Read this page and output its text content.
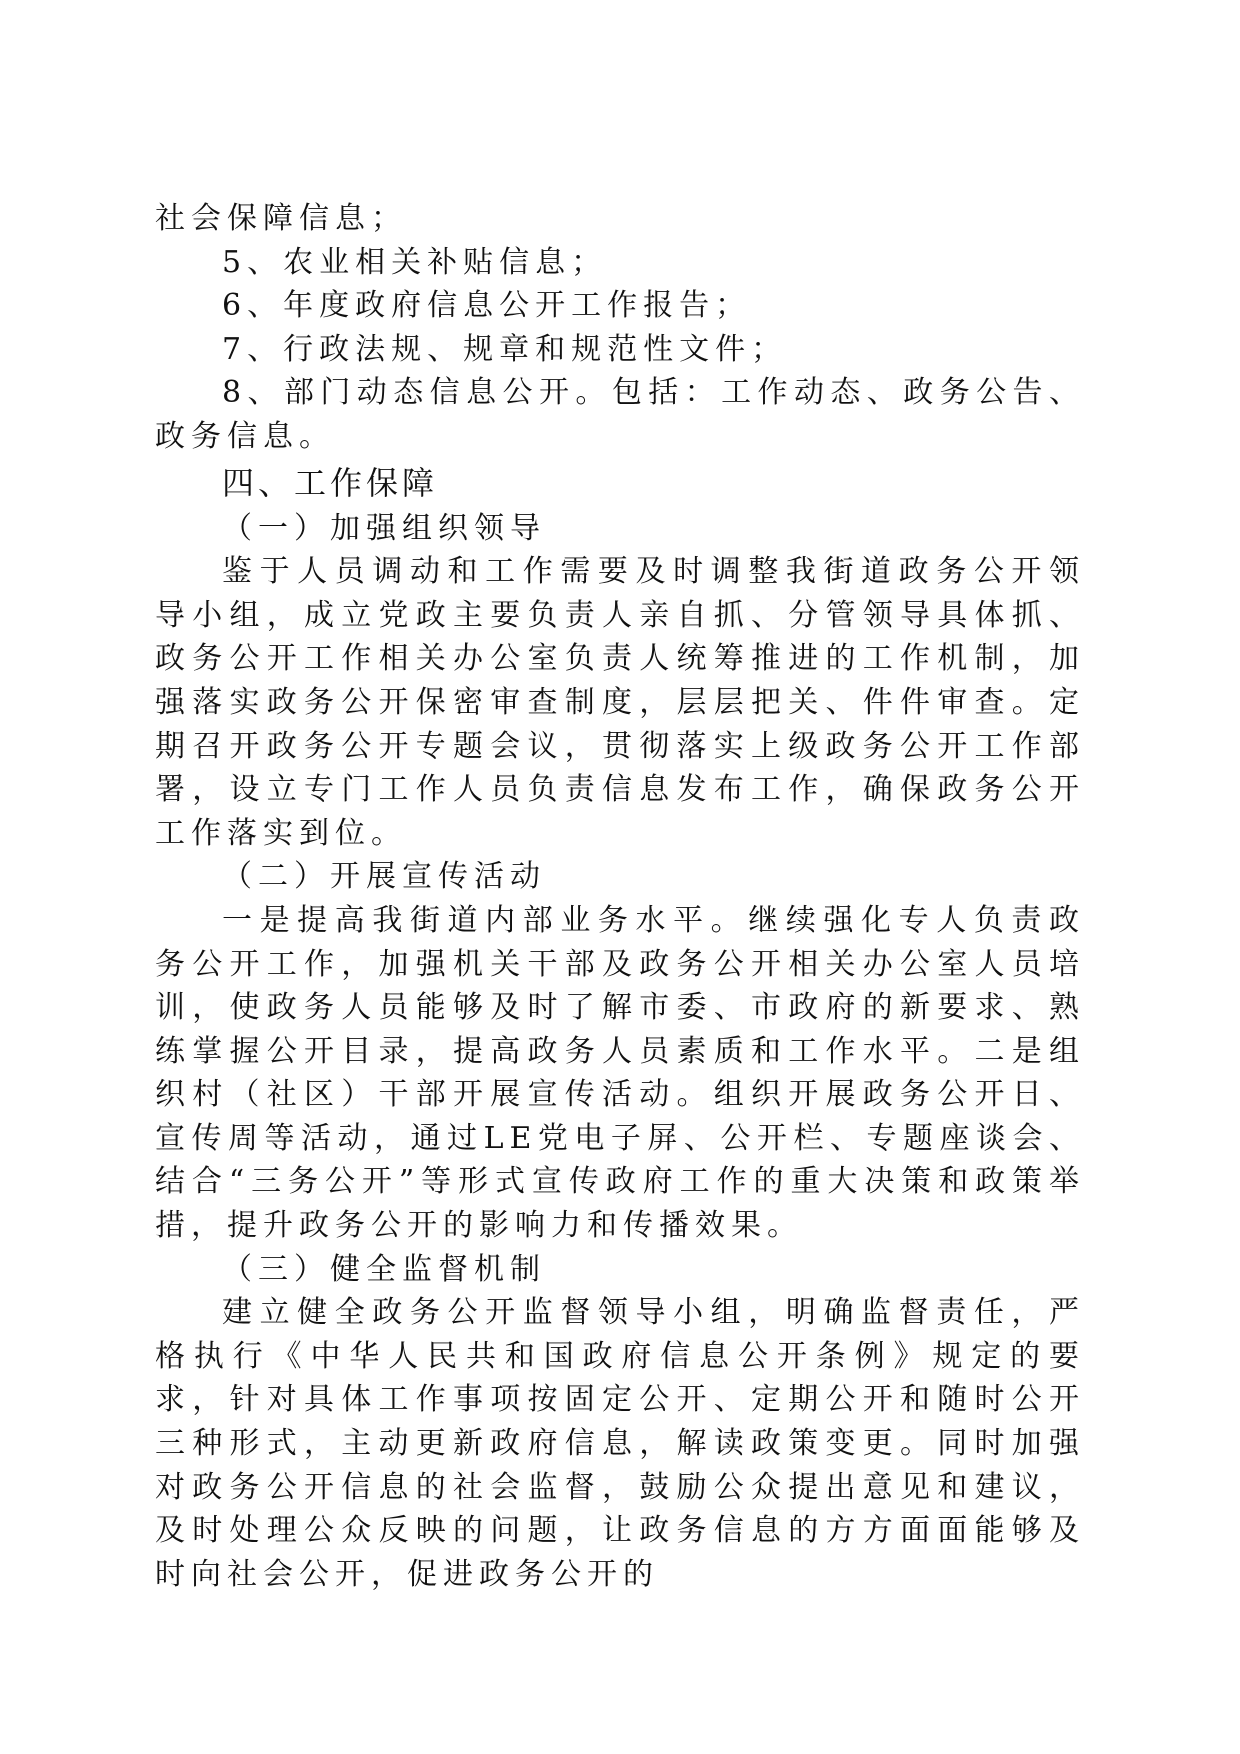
社会保障信息；

5、农业相关补贴信息；

6、年度政府信息公开工作报告；

7、行政法规、规章和规范性文件；

8、部门动态信息公开。包括：工作动态、政务公告、政务信息。

四、工作保障

（一）加强组织领导

鉴于人员调动和工作需要及时调整我街道政务公开领导小组，成立党政主要负责人亲自抓、分管领导具体抓、政务公开工作相关办公室负责人统筹推进的工作机制，加强落实政务公开保密审查制度，层层把关、件件审查。定期召开政务公开专题会议，贯彻落实上级政务公开工作部署，设立专门工作人员负责信息发布工作，确保政务公开工作落实到位。

（二）开展宣传活动

一是提高我街道内部业务水平。继续强化专人负责政务公开工作，加强机关干部及政务公开相关办公室人员培训，使政务人员能够及时了解市委、市政府的新要求、熟练掌握公开目录，提高政务人员素质和工作水平。二是组织村（社区）干部开展宣传活动。组织开展政务公开日、宣传周等活动，通过LE党电子屏、公开栏、专题座谈会、结合“三务公开”等形式宣传政府工作的重大决策和政策举措，提升政务公开的影响力和传播效果。

（三）健全监督机制

建立健全政务公开监督领导小组，明确监督责任，严格执行《中华人民共和国政府信息公开条例》规定的要求，针对具体工作事项按固定公开、定期公开和随时公开三种形式，主动更新政府信息，解读政策变更。同时加强对政务公开信息的社会监督，鼓励公众提出意见和建议，及时处理公众反映的问题，让政务信息的方方面面能够及时向社会公开，促进政务公开的
